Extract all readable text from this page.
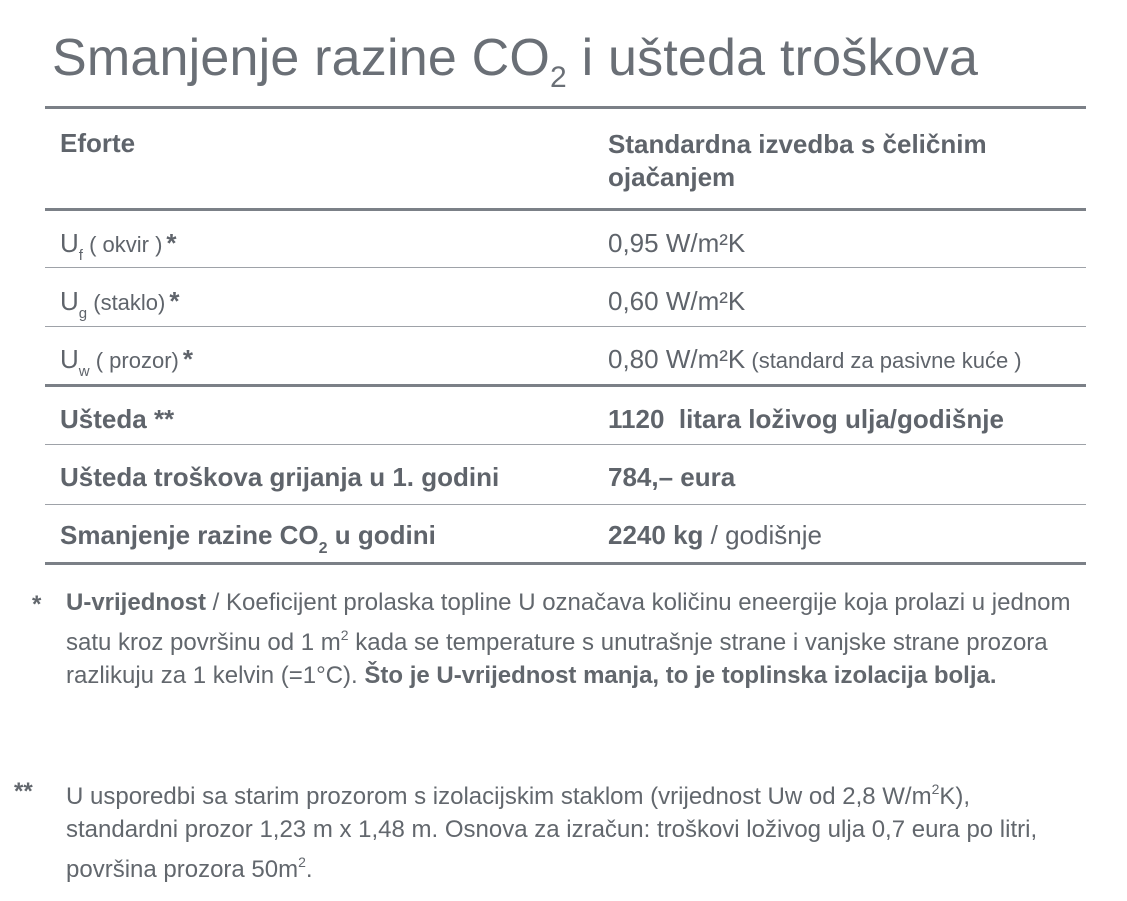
Smanjenje razine $CO_2$ i ušteda troškova
Eforte	Standardna izvedba s čeličnim ojačanjem
$U_f$ ( okvir ) *	0,95 W/m²K
$U_g$ (staklo) *	0,60 W/m²K
$U_w$ ( prozor) *	0,80 W/m²K (standard za pasivne kuće )
Ušteda **	1120 litara loživog ulja/godišnje
Ušteda troškova grijanja u 1. godini	784,– eura
Smanjenje razine $CO_2$ u godini	2240 kg / godišnje
* U-vrijednost / Koeficijent prolaska topline U označava količinu eneergije koja prolazi u jednom satu kroz površinu od 1 $m^2$ kada se temperature s unutrašnje strane i vanjske strane prozora razlikuju za 1 kelvin (=1°C). Što je U-vrijednost manja, to je toplinska izolacija bolja.
** U usporedbi sa starim prozorom s izolacijskim staklom (vrijednost Uw od 2,8 $W/m^2K$), standardni prozor 1,23 m x 1,48 m. Osnova za izračun: troškovi loživog ulja 0,7 eura po litri, površina prozora $50m^2$.
